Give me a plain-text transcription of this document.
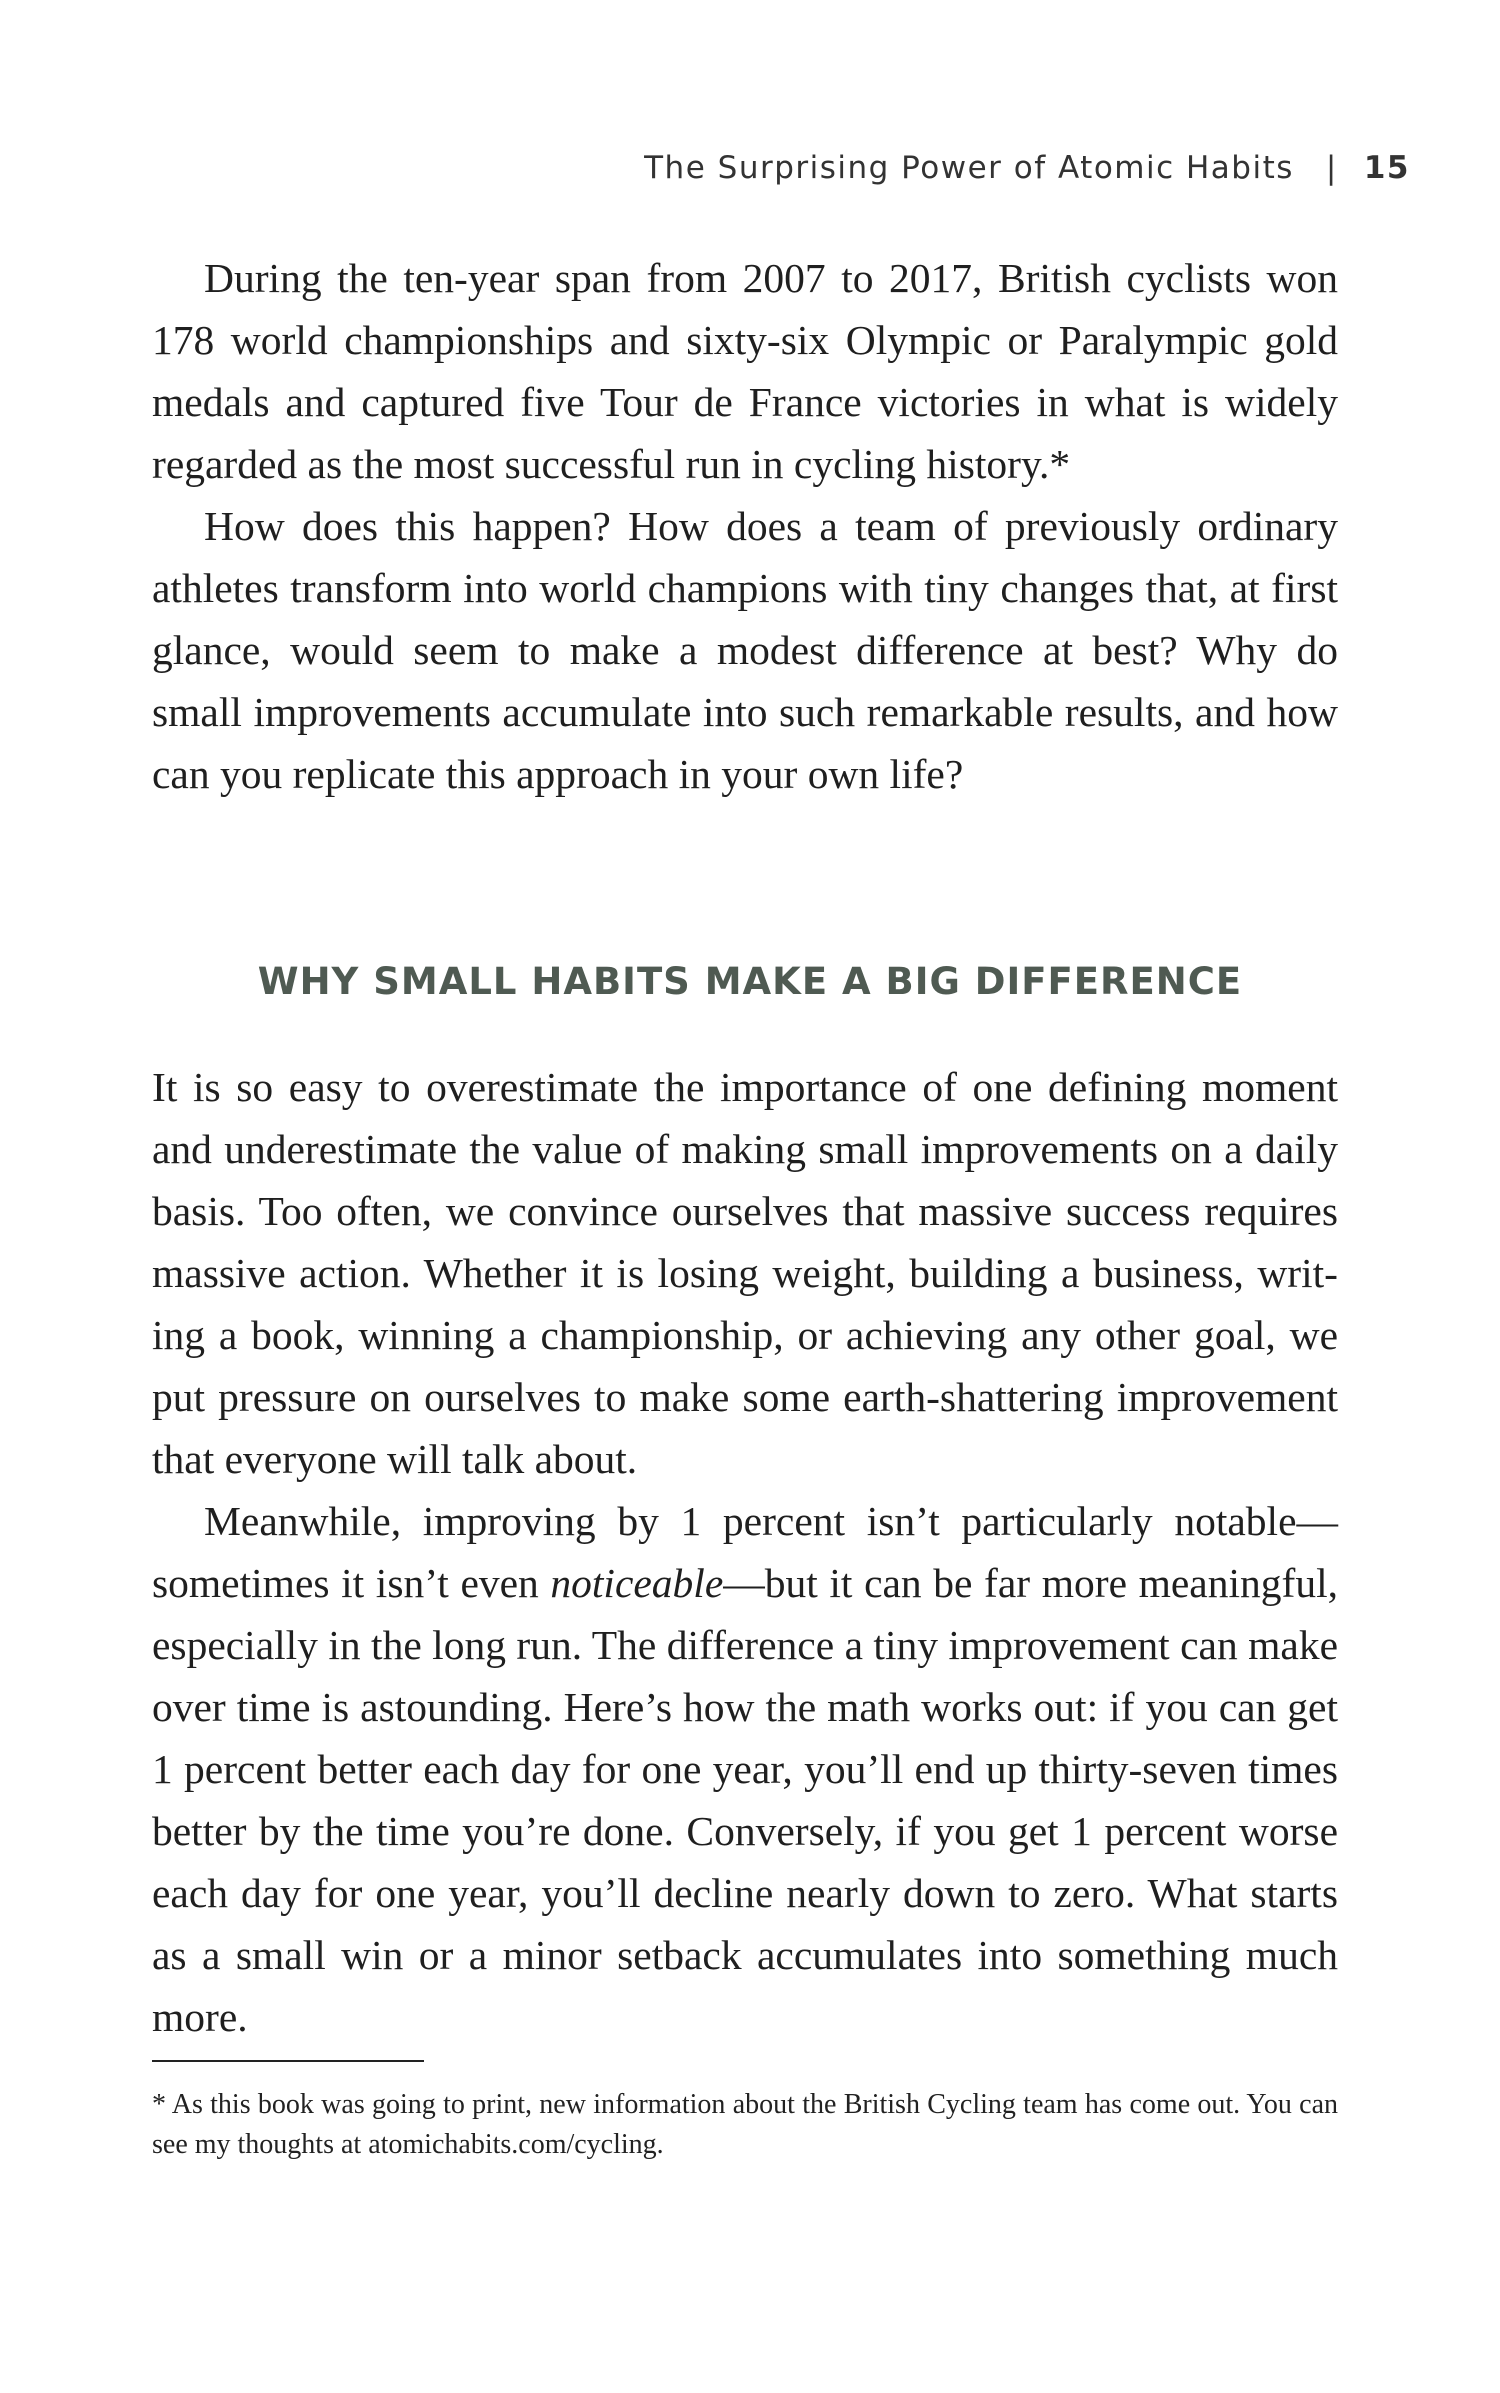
The Surprising Power of Atomic Habits | 15

During the ten-year span from 2007 to 2017, British cyclists won 178 world championships and sixty-six Olympic or Paralympic gold medals and captured five Tour de France victories in what is widely regarded as the most successful run in cycling history.*

How does this happen? How does a team of previously ordinary athletes transform into world champions with tiny changes that, at first glance, would seem to make a modest difference at best? Why do small improvements accumulate into such remarkable results, and how can you replicate this approach in your own life?

WHY SMALL HABITS MAKE A BIG DIFFERENCE

It is so easy to overestimate the importance of one defining moment and underestimate the value of making small improvements on a daily basis. Too often, we convince ourselves that massive success requires massive action. Whether it is losing weight, building a business, writing a book, winning a championship, or achieving any other goal, we put pressure on ourselves to make some earth-shattering improvement that everyone will talk about.

Meanwhile, improving by 1 percent isn’t particularly notable— sometimes it isn’t even noticeable—but it can be far more meaningful, especially in the long run. The difference a tiny improvement can make over time is astounding. Here’s how the math works out: if you can get 1 percent better each day for one year, you’ll end up thirty-seven times better by the time you’re done. Conversely, if you get 1 percent worse each day for one year, you’ll decline nearly down to zero. What starts as a small win or a minor setback accumulates into something much more.

* As this book was going to print, new information about the British Cycling team has come out. You can see my thoughts at atomichabits.com/cycling.
